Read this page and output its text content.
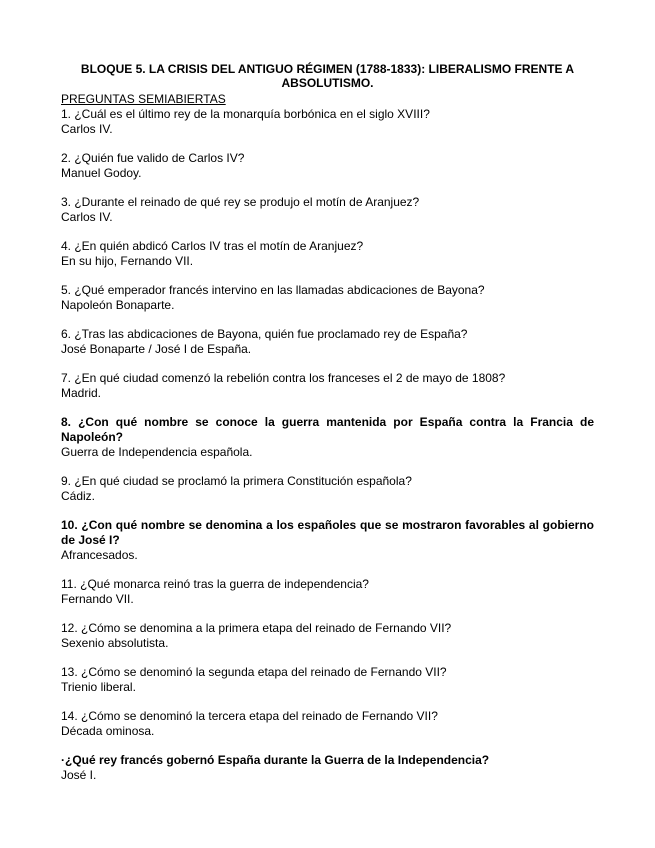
BLOQUE 5. LA CRISIS DEL ANTIGUO RÉGIMEN (1788-1833): LIBERALISMO FRENTE A ABSOLUTISMO.

PREGUNTAS SEMIABIERTAS
1. ¿Cuál es el último rey de la monarquía borbónica en el siglo XVIII?
Carlos IV.
2. ¿Quién fue valido de Carlos IV?
Manuel Godoy.
3. ¿Durante el reinado de qué rey se produjo el motín de Aranjuez?
Carlos IV.
4. ¿En quién abdicó Carlos IV tras el motín de Aranjuez?
En su hijo, Fernando VII.
5. ¿Qué emperador francés intervino en las llamadas abdicaciones de Bayona?
Napoleón Bonaparte.
6. ¿Tras las abdicaciones de Bayona, quién fue proclamado rey de España?
José Bonaparte / José I de España.
7. ¿En qué ciudad comenzó la rebelión contra los franceses el 2 de mayo de 1808?
Madrid.
8. ¿Con qué nombre se conoce la guerra mantenida por España contra la Francia de Napoleón?
Guerra de Independencia española.
9. ¿En qué ciudad se proclamó la primera Constitución española?
Cádiz.
10. ¿Con qué nombre se denomina a los españoles que se mostraron favorables al gobierno de José I?
Afrancesados.
11. ¿Qué monarca reinó tras la guerra de independencia?
Fernando VII.
12. ¿Cómo se denomina a la primera etapa del reinado de Fernando VII?
Sexenio absolutista.
13. ¿Cómo se denominó la segunda etapa del reinado de Fernando VII?
Trienio liberal.
14. ¿Cómo se denominó la tercera etapa del reinado de Fernando VII?
Década ominosa.
·¿Qué rey francés gobernó España durante la Guerra de la Independencia?
José I.
